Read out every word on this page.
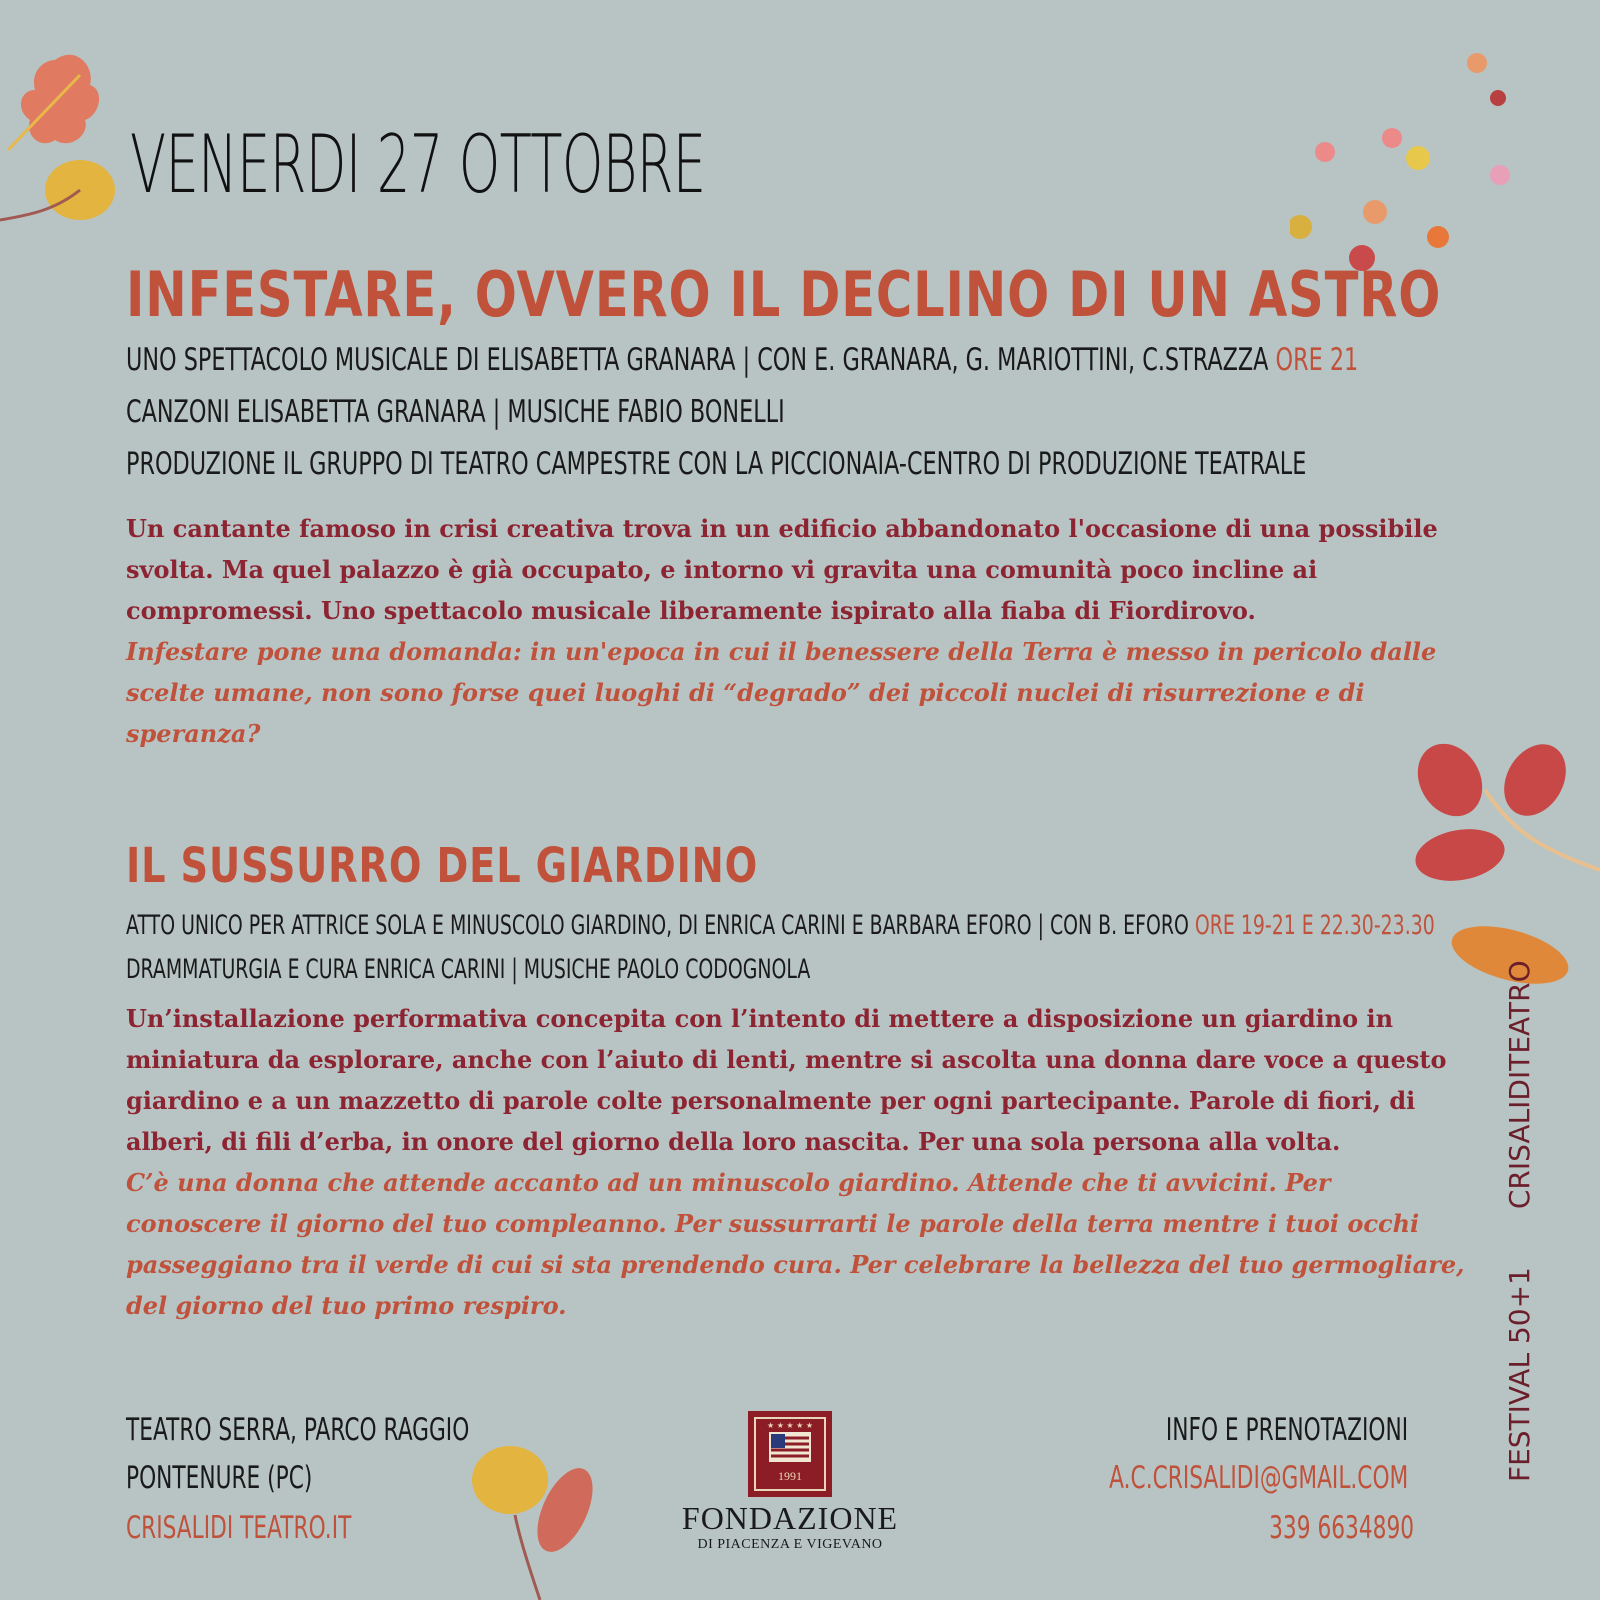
VENERDI 27 OTTOBRE
INFESTARE, OVVERO IL DECLINO DI UN ASTRO
UNO SPETTACOLO MUSICALE DI ELISABETTA GRANARA | CON E. GRANARA, G. MARIOTTINI, C.STRAZZA ORE 21
CANZONI ELISABETTA GRANARA | MUSICHE FABIO BONELLI
PRODUZIONE IL GRUPPO DI TEATRO CAMPESTRE CON LA PICCIONAIA-CENTRO DI PRODUZIONE TEATRALE

Un cantante famoso in crisi creativa trova in un edificio abbandonato l'occasione di una possibile svolta. Ma quel palazzo è già occupato, e intorno vi gravita una comunità poco incline ai compromessi. Uno spettacolo musicale liberamente ispirato alla fiaba di Fiordirovo.

Infestare pone una domanda: in un'epoca in cui il benessere della Terra è messo in pericolo dalle scelte umane, non sono forse quei luoghi di “degrado” dei piccoli nuclei di risurrezione e di speranza?

IL SUSSURRO DEL GIARDINO
ATTO UNICO PER ATTRICE SOLA E MINUSCOLO GIARDINO, DI ENRICA CARINI E BARBARA EFORO | CON B. EFORO ORE 19-21 E 22.30-23.30
DRAMMATURGIA E CURA ENRICA CARINI | MUSICHE PAOLO CODOGNOLA

Un’installazione performativa concepita con l’intento di mettere a disposizione un giardino in miniatura da esplorare, anche con l’aiuto di lenti, mentre si ascolta una donna dare voce a questo giardino e a un mazzetto di parole colte personalmente per ogni partecipante. Parole di fiori, di alberi, di fili d’erba, in onore del giorno della loro nascita. Per una sola persona alla volta.

C’è una donna che attende accanto ad un minuscolo giardino. Attende che ti avvicini. Per conoscere il giorno del tuo compleanno. Per sussurrarti le parole della terra mentre i tuoi occhi passeggiano tra il verde di cui si sta prendendo cura. Per celebrare la bellezza del tuo germogliare, del giorno del tuo primo respiro.

TEATRO SERRA, PARCO RAGGIO
PONTENURE (PC)
CRISALIDI TEATRO.IT
1991
★ ★ ★ ★ ★
FONDAZIONE
DI PIACENZA E VIGEVANO
INFO E PRENOTAZIONI
A.C.CRISALIDI@GMAIL.COM
339 6634890
FESTIVAL 50+1
CRISALIDITEATRO
